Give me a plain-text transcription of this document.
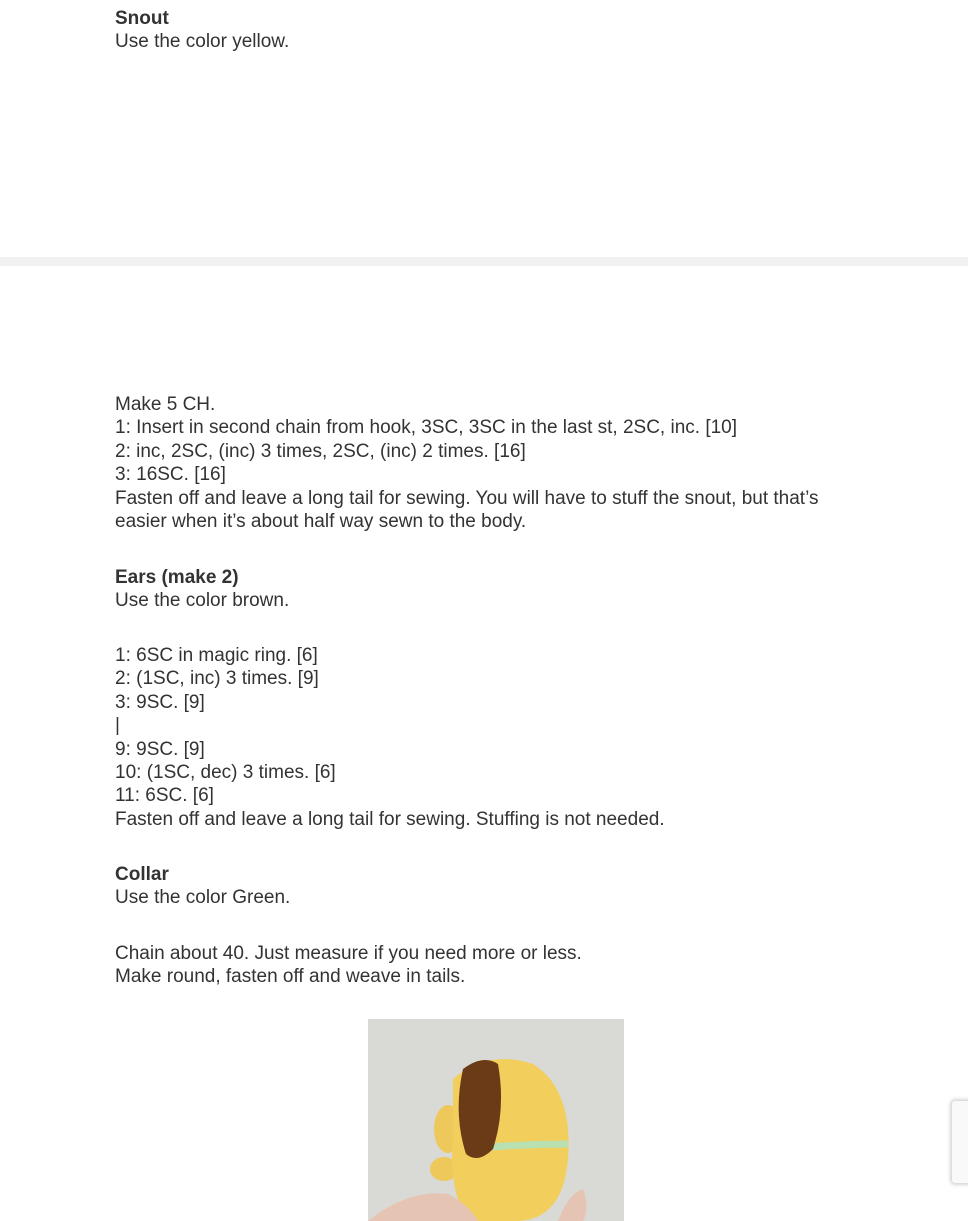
Snout
Use the color yellow.
Make 5 CH.
1: Insert in second chain from hook, 3SC, 3SC in the last st, 2SC, inc. [10]
2: inc, 2SC, (inc) 3 times, 2SC, (inc) 2 times. [16]
3: 16SC. [16]
Fasten off and leave a long tail for sewing. You will have to stuff the snout, but that’s easier when it’s about half way sewn to the body.
Ears (make 2)
Use the color brown.
1: 6SC in magic ring. [6]
2: (1SC, inc) 3 times. [9]
3: 9SC. [9]
|
9: 9SC. [9]
10: (1SC, dec) 3 times. [6]
11: 6SC. [6]
Fasten off and leave a long tail for sewing. Stuffing is not needed.
Collar
Use the color Green.
Chain about 40. Just measure if you need more or less.
Make round, fasten off and weave in tails.
